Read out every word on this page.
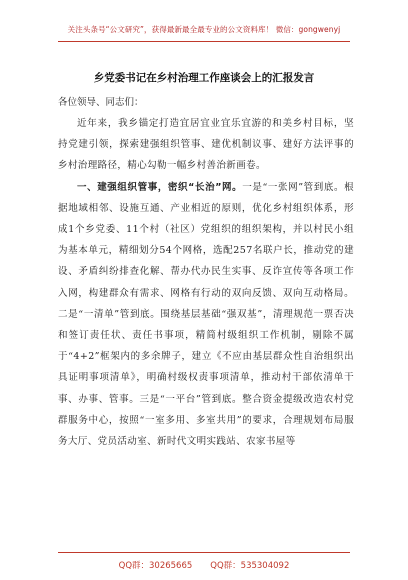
关注头条号“公文研究”，获得最新最全最专业的公文资料库！ 微信：gongwenyj
乡党委书记在乡村治理工作座谈会上的汇报发言

各位领导、同志们：

近年来，我乡锚定打造宜居宜业宜乐宜游的和美乡村目标，坚持党建引领，探索建强组织管事、建优机制议事、建好方法评事的乡村治理路径，精心勾勒一幅乡村善治新画卷。

一、建强组织管事，密织“长治”网。一是“一张网”管到底。根据地域相邻、设施互通、产业相近的原则，优化乡村组织体系，形成1个乡党委、11个村（社区）党组织的组织架构，并以村民小组为基本单元，精细划分54个网格，选配257名联户长，推动党的建设、矛盾纠纷排查化解、帮办代办民生实事、反诈宣传等各项工作入网，构建群众有需求、网格有行动的双向反馈、双向互动格局。二是“一清单”管到底。围绕基层基础“强双基”，清理规范一票否决和签订责任状、责任书事项，精简村级组织工作机制，剔除不属于“4+2”框架内的多余牌子，建立《不应由基层群众性自治组织出具证明事项清单》，明确村级权责事项清单，推动村干部依清单干事、办事、管事。三是“一平台”管到底。整合资金提级改造农村党群服务中心，按照“一室多用、多室共用”的要求，合理规划布局服务大厅、党员活动室、新时代文明实践站、农家书屋等

QQ群：30265665 QQ群：535304092
